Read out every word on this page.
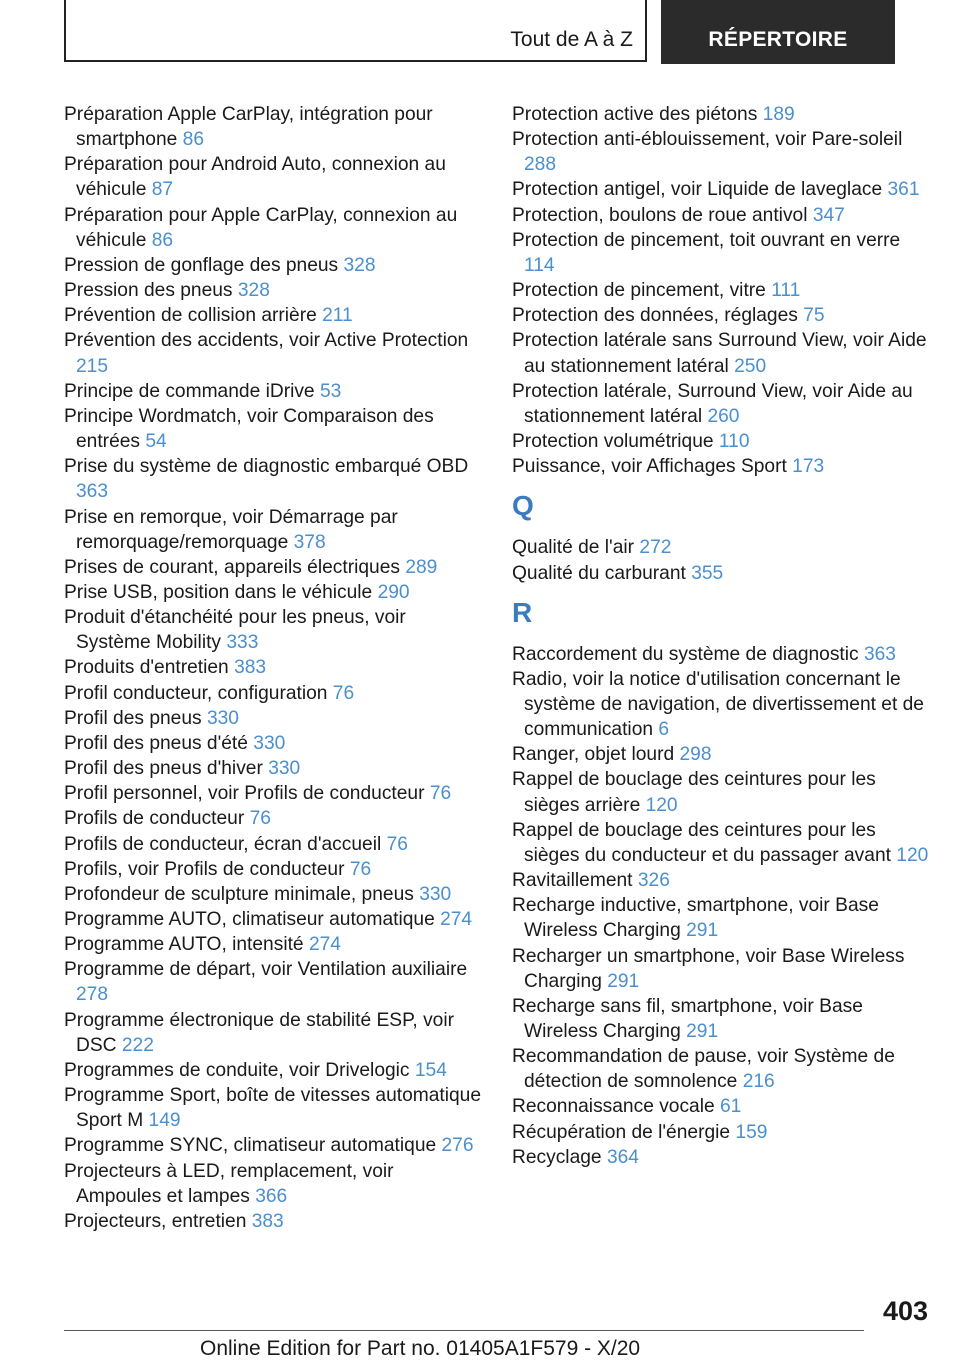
Tout de A à Z	RÉPERTOIRE
Préparation Apple CarPlay, intégration pour smartphone 86
Préparation pour Android Auto, connexion au véhicule 87
Préparation pour Apple CarPlay, connexion au véhicule 86
Pression de gonflage des pneus 328
Pression des pneus 328
Prévention de collision arrière 211
Prévention des accidents, voir Active Protection 215
Principe de commande iDrive 53
Principe Wordmatch, voir Comparaison des entrées 54
Prise du système de diagnostic embarqué OBD 363
Prise en remorque, voir Démarrage par remorquage/remorquage 378
Prises de courant, appareils électriques 289
Prise USB, position dans le véhicule 290
Produit d'étanchéité pour les pneus, voir Système Mobility 333
Produits d'entretien 383
Profil conducteur, configuration 76
Profil des pneus 330
Profil des pneus d'été 330
Profil des pneus d'hiver 330
Profil personnel, voir Profils de conducteur 76
Profils de conducteur 76
Profils de conducteur, écran d'accueil 76
Profils, voir Profils de conducteur 76
Profondeur de sculpture minimale, pneus 330
Programme AUTO, climatiseur automatique 274
Programme AUTO, intensité 274
Programme de départ, voir Ventilation auxiliaire 278
Programme électronique de stabilité ESP, voir DSC 222
Programmes de conduite, voir Drivelogic 154
Programme Sport, boîte de vitesses automatique Sport M 149
Programme SYNC, climatiseur automatique 276
Projecteurs à LED, remplacement, voir Ampoules et lampes 366
Projecteurs, entretien 383
Protection active des piétons 189
Protection anti-éblouissement, voir Pare-soleil 288
Protection antigel, voir Liquide de laveglace 361
Protection, boulons de roue antivol 347
Protection de pincement, toit ouvrant en verre 114
Protection de pincement, vitre 111
Protection des données, réglages 75
Protection latérale sans Surround View, voir Aide au stationnement latéral 250
Protection latérale, Surround View, voir Aide au stationnement latéral 260
Protection volumétrique 110
Puissance, voir Affichages Sport 173
Q
Qualité de l'air 272
Qualité du carburant 355
R
Raccordement du système de diagnostic 363
Radio, voir la notice d'utilisation concernant le système de navigation, de divertissement et de communication 6
Ranger, objet lourd 298
Rappel de bouclage des ceintures pour les sièges arrière 120
Rappel de bouclage des ceintures pour les sièges du conducteur et du passager avant 120
Ravitaillement 326
Recharge inductive, smartphone, voir Base Wireless Charging 291
Recharger un smartphone, voir Base Wireless Charging 291
Recharge sans fil, smartphone, voir Base Wireless Charging 291
Recommandation de pause, voir Système de détection de somnolence 216
Reconnaissance vocale 61
Récupération de l'énergie 159
Recyclage 364
403
Online Edition for Part no. 01405A1F579 - X/20
